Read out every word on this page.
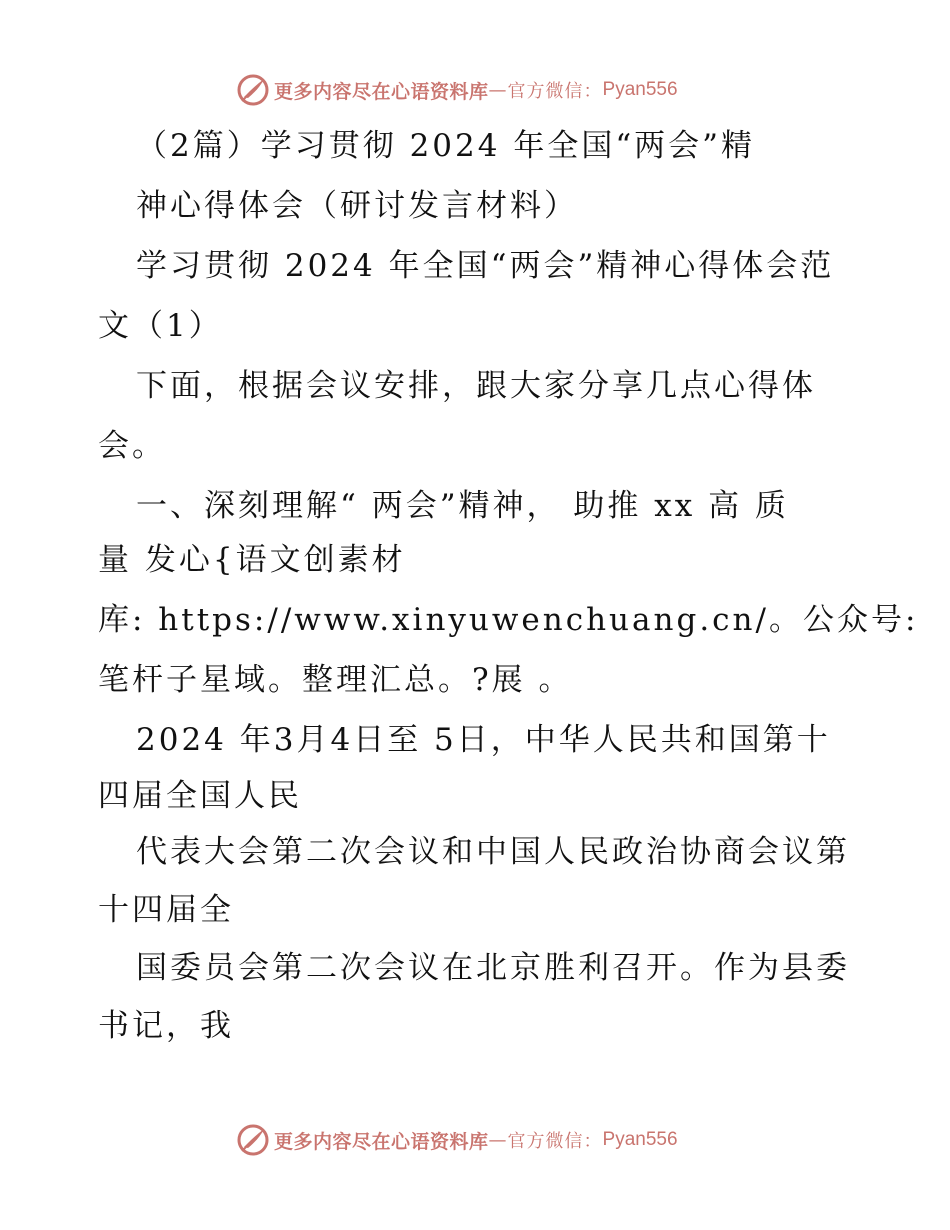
更多内容尽在心语资料库 — 官方微信： Pyan556
（2篇）学习贯彻 2024 年全国“两会”精
神心得体会（研讨发言材料）
学习贯彻 2024 年全国“两会”精神心得体会范
文（1）
下面，根据会议安排，跟大家分享几点心得体
会。
一、深刻理解“ 两会”精神， 助推 xx 高 质
量 发心{语文创素材
库: https://www.xinyuwenchuang.cn/。公众号:
笔杆子星域。整理汇总。?展 。
2024 年3月4日至 5日，中华人民共和国第十
四届全国人民
代表大会第二次会议和中国人民政治协商会议第
十四届全
国委员会第二次会议在北京胜利召开。作为县委
书记，我
更多内容尽在心语资料库 — 官方微信： Pyan556
